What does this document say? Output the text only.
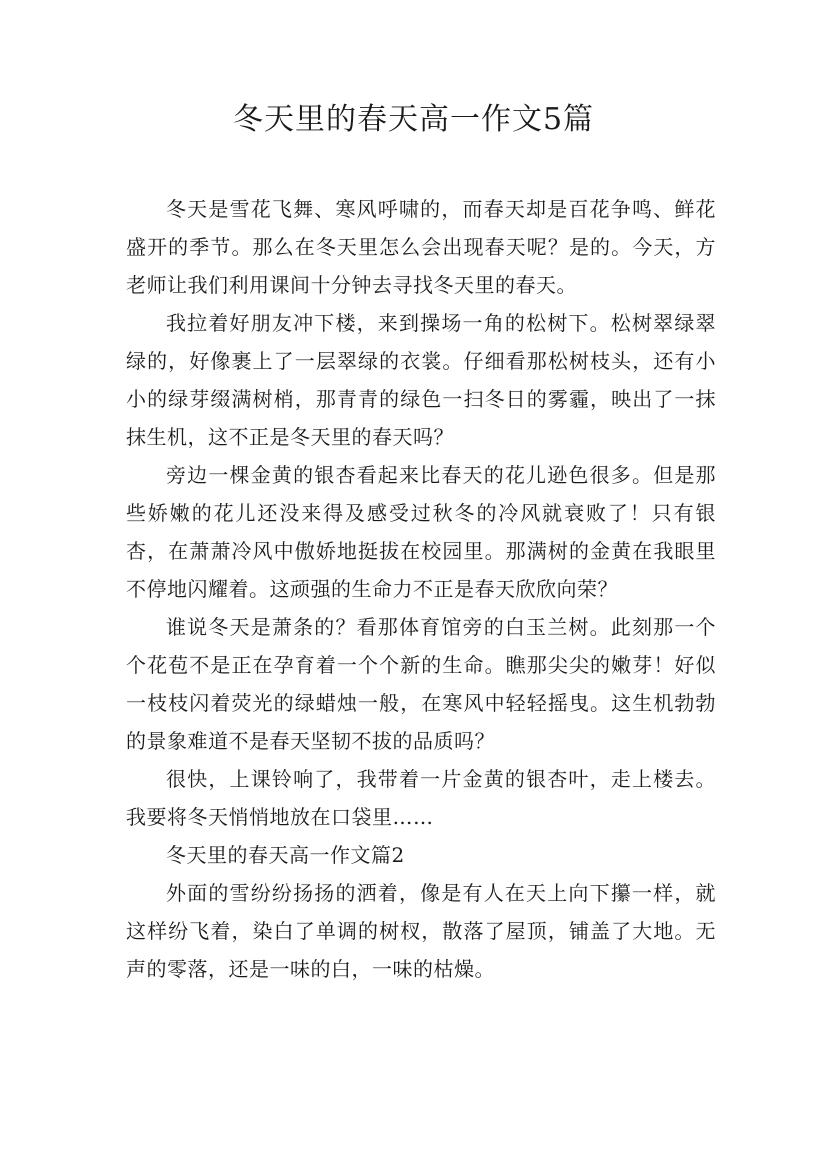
冬天里的春天高一作文5篇

冬天是雪花飞舞、寒风呼啸的，而春天却是百花争鸣、鲜花盛开的季节。那么在冬天里怎么会出现春天呢？是的。今天，方老师让我们利用课间十分钟去寻找冬天里的春天。

我拉着好朋友冲下楼，来到操场一角的松树下。松树翠绿翠绿的，好像裹上了一层翠绿的衣裳。仔细看那松树枝头，还有小小的绿芽缀满树梢，那青青的绿色一扫冬日的雾霾，映出了一抹抹生机，这不正是冬天里的春天吗？

旁边一棵金黄的银杏看起来比春天的花儿逊色很多。但是那些娇嫩的花儿还没来得及感受过秋冬的冷风就衰败了！只有银杏，在萧萧冷风中傲娇地挺拔在校园里。那满树的金黄在我眼里不停地闪耀着。这顽强的生命力不正是春天欣欣向荣？

谁说冬天是萧条的？看那体育馆旁的白玉兰树。此刻那一个个花苞不是正在孕育着一个个新的生命。瞧那尖尖的嫩芽！好似一枝枝闪着荧光的绿蜡烛一般，在寒风中轻轻摇曳。这生机勃勃的景象难道不是春天坚韧不拔的品质吗？

很快，上课铃响了，我带着一片金黄的银杏叶，走上楼去。我要将冬天悄悄地放在口袋里……

冬天里的春天高一作文篇2

外面的雪纷纷扬扬的洒着，像是有人在天上向下攥一样，就这样纷飞着，染白了单调的树杈，散落了屋顶，铺盖了大地。无声的零落，还是一味的白，一味的枯燥。
